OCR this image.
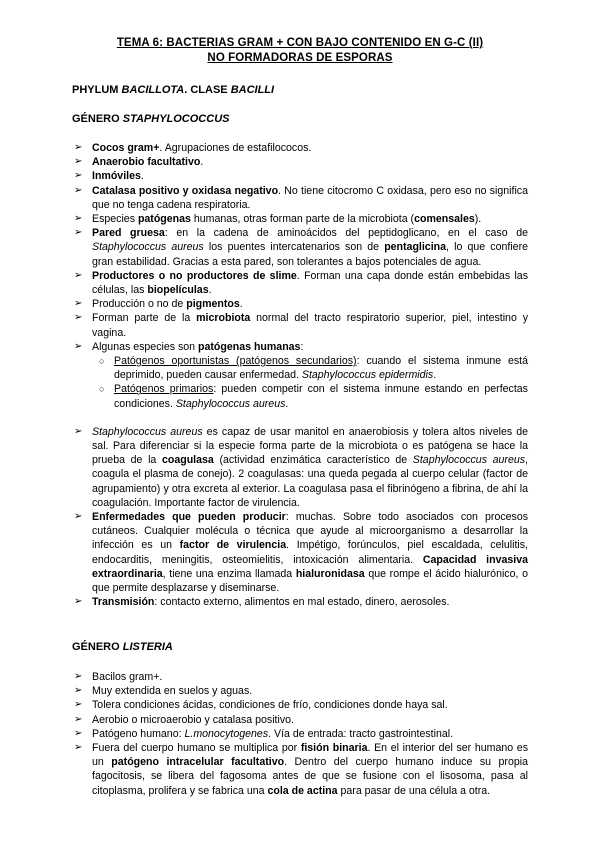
TEMA 6: BACTERIAS GRAM + CON BAJO CONTENIDO EN G-C (II)
NO FORMADORAS DE ESPORAS
PHYLUM BACILLOTA. CLASE BACILLI
GÉNERO STAPHYLOCOCCUS

➢ Cocos gram+. Agrupaciones de estafilococos.

➢ Anaerobio facultativo.

➢ Inmóviles.

➢ Catalasa positivo y oxidasa negativo. No tiene citocromo C oxidasa, pero eso no significa que no tenga cadena respiratoria.

➢ Especies patógenas humanas, otras forman parte de la microbiota (comensales).

➢ Pared gruesa: en la cadena de aminoácidos del peptidoglicano, en el caso de Staphylococcus aureus los puentes intercatenarios son de pentaglicina, lo que confiere gran estabilidad. Gracias a esta pared, son tolerantes a bajos potenciales de agua.

➢ Productores o no productores de slime. Forman una capa donde están embebidas las células, las biopelículas.

➢ Producción o no de pigmentos.

➢ Forman parte de la microbiota normal del tracto respiratorio superior, piel, intestino y vagina.

➢ Algunas especies son patógenas humanas:

○ Patógenos oportunistas (patógenos secundarios): cuando el sistema inmune está deprimido, pueden causar enfermedad. Staphylococcus epidermidis.

○ Patógenos primarios: pueden competir con el sistema inmune estando en perfectas condiciones. Staphylococcus aureus.

➢ Staphylococcus aureus es capaz de usar manitol en anaerobiosis y tolera altos niveles de sal. Para diferenciar si la especie forma parte de la microbiota o es patógena se hace la prueba de la coagulasa (actividad enzimática característico de Staphylococcus aureus, coagula el plasma de conejo). 2 coagulasas: una queda pegada al cuerpo celular (factor de agrupamiento) y otra excreta al exterior. La coagulasa pasa el fibrinógeno a fibrina, de ahí la coagulación. Importante factor de virulencia.

➢ Enfermedades que pueden producir: muchas. Sobre todo asociados con procesos cutáneos. Cualquier molécula o técnica que ayude al microorganismo a desarrollar la infección es un factor de virulencia. Impétigo, forúnculos, piel escaldada, celulitis, endocarditis, meningitis, osteomielitis, intoxicación alimentaria. Capacidad invasiva extraordinaria, tiene una enzima llamada hialuronidasa que rompe el ácido hialurónico, o que permite desplazarse y diseminarse.

➢ Transmisión: contacto externo, alimentos en mal estado, dinero, aerosoles.

GÉNERO LISTERIA

➢ Bacilos gram+.

➢ Muy extendida en suelos y aguas.

➢ Tolera condiciones ácidas, condiciones de frío, condiciones donde haya sal.

➢ Aerobio o microaerobio y catalasa positivo.

➢ Patógeno humano: L.monocytogenes. Vía de entrada: tracto gastrointestinal.

➢ Fuera del cuerpo humano se multiplica por fisión binaria. En el interior del ser humano es un patógeno intracelular facultativo. Dentro del cuerpo humano induce su propia fagocitosis, se libera del fagosoma antes de que se fusione con el lisosoma, pasa al citoplasma, prolifera y se fabrica una cola de actina para pasar de una célula a otra.
